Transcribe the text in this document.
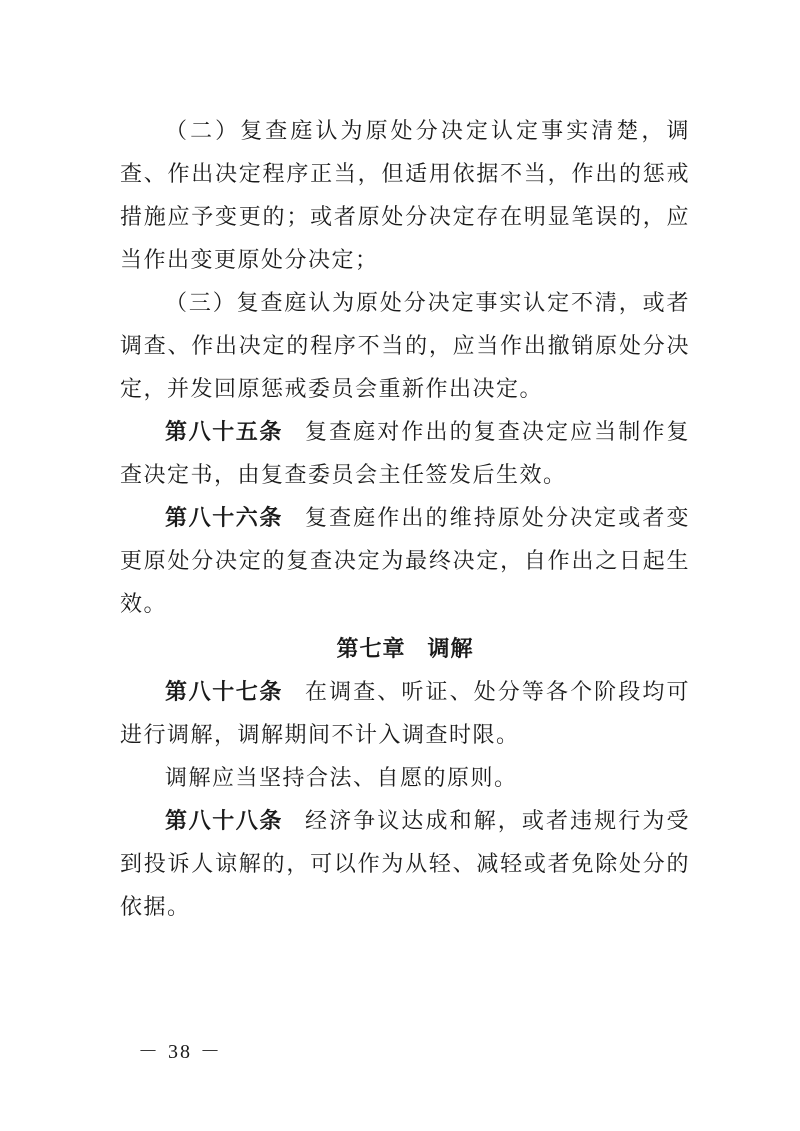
（二）复查庭认为原处分决定认定事实清楚，调查、作出决定程序正当，但适用依据不当，作出的惩戒措施应予变更的；或者原处分决定存在明显笔误的，应当作出变更原处分决定；

（三）复查庭认为原处分决定事实认定不清，或者调查、作出决定的程序不当的，应当作出撤销原处分决定，并发回原惩戒委员会重新作出决定。

第八十五条 复查庭对作出的复查决定应当制作复查决定书，由复查委员会主任签发后生效。

第八十六条 复查庭作出的维持原处分决定或者变更原处分决定的复查决定为最终决定，自作出之日起生效。

第七章 调解

第八十七条 在调查、听证、处分等各个阶段均可进行调解，调解期间不计入调查时限。

调解应当坚持合法、自愿的原则。

第八十八条 经济争议达成和解，或者违规行为受到投诉人谅解的，可以作为从轻、减轻或者免除处分的依据。

－ 38 －
